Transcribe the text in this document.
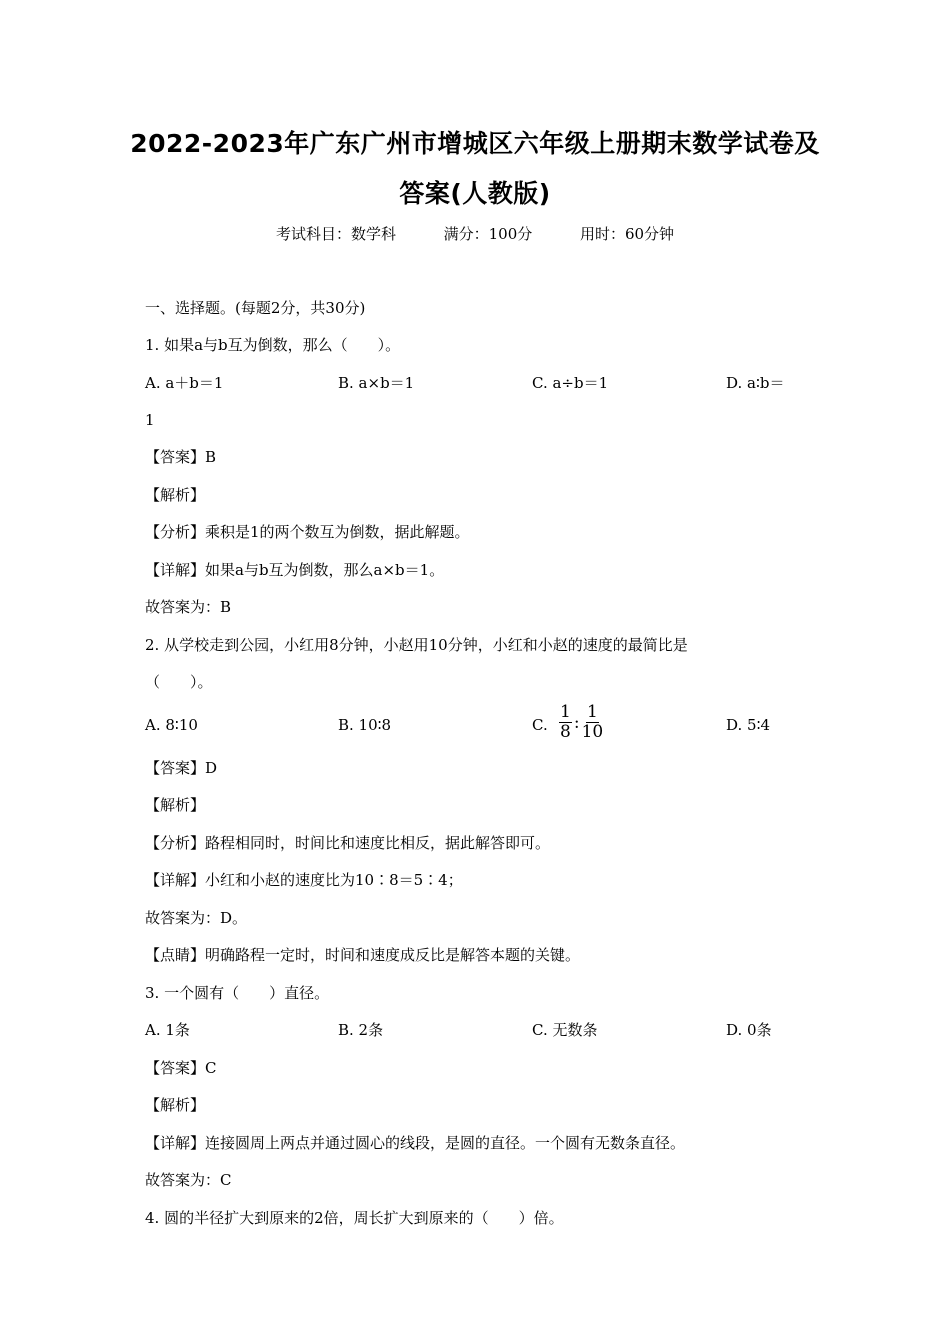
2022-2023年广东广州市增城区六年级上册期末数学试卷及
答案(人教版)
考试科目：数学科          满分：100分          用时：60分钟
一、选择题。(每题2分，共30分)
1. 如果a与b互为倒数，那么（　　）。
A. a＋b＝1	B. a×b＝1	C. a÷b＝1	D. a∶b＝
1
【答案】B
【解析】
【分析】乘积是1的两个数互为倒数，据此解题。
【详解】如果a与b互为倒数，那么a×b＝1。
故答案为：B
2. 从学校走到公园，小红用8分钟，小赵用10分钟，小红和小赵的速度的最简比是
（　　）。
A. 8∶10	B. 10∶8	C. $\frac{1}{8}$ : $\frac{1}{10}$	D. 5∶4
【答案】D
【解析】
【分析】路程相同时，时间比和速度比相反，据此解答即可。
【详解】小红和小赵的速度比为10∶8＝5∶4；
故答案为：D。
【点睛】明确路程一定时，时间和速度成反比是解答本题的关键。
3. 一个圆有（　　）直径。
A. 1条	B. 2条	C. 无数条	D. 0条
【答案】C
【解析】
【详解】连接圆周上两点并通过圆心的线段，是圆的直径。一个圆有无数条直径。
故答案为：C
4. 圆的半径扩大到原来的2倍，周长扩大到原来的（　　）倍。
